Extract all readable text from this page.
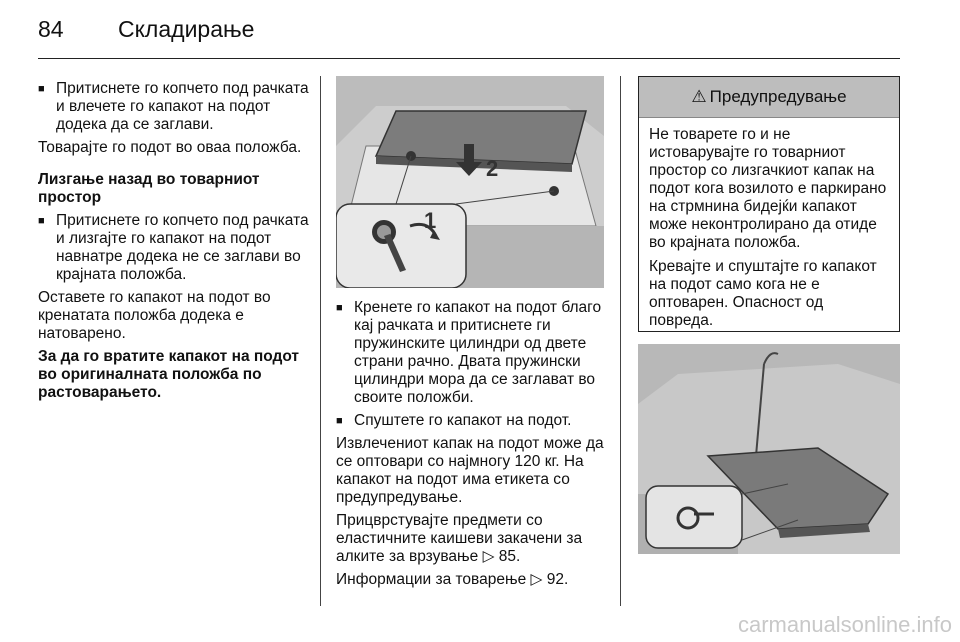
84 Складирање
■ Притиснете го копчето под рачката и влечете го капакот на подот додека да се заглави.

Товарајте го подот во оваа положба.

Лизгање назад во товарниот простор

■ Притиснете го копчето под рачката и лизгајте го капакот на подот навнатре додека не се заглави во крајната положба.

Оставете го капакот на подот во кренатата положба додека е натоварено.

За да го вратите капакот на подот во оригиналната положба по растоварањето.

2
1
■ Кренете го капакот на подот благо кај рачката и притиснете ги пружинските цилиндри од двете страни рачно. Двата пружински цилиндри мора да се заглават во своите положби.
■ Спуштете го капакот на подот.

Извлечениот капак на подот може да се оптовари со најмногу 120 кг. На капакот на подот има етикета со предупредување.

Прицврстувајте предмети со еластичните каишеви закачени за алките за врзување ▷ 85.

Информации за товарење ▷ 92.

⚠ Предупредување

Не товарете го и не истоварувајте го товарниот простор со лизгачкиот капак на подот кога возилото е паркирано на стрмнина бидејќи капакот може неконтролирано да отиде во крајната положба.

Кревајте и спуштајте го капакот на подот само кога не е оптоварен. Опасност од повреда.

carmanualsonline.info
